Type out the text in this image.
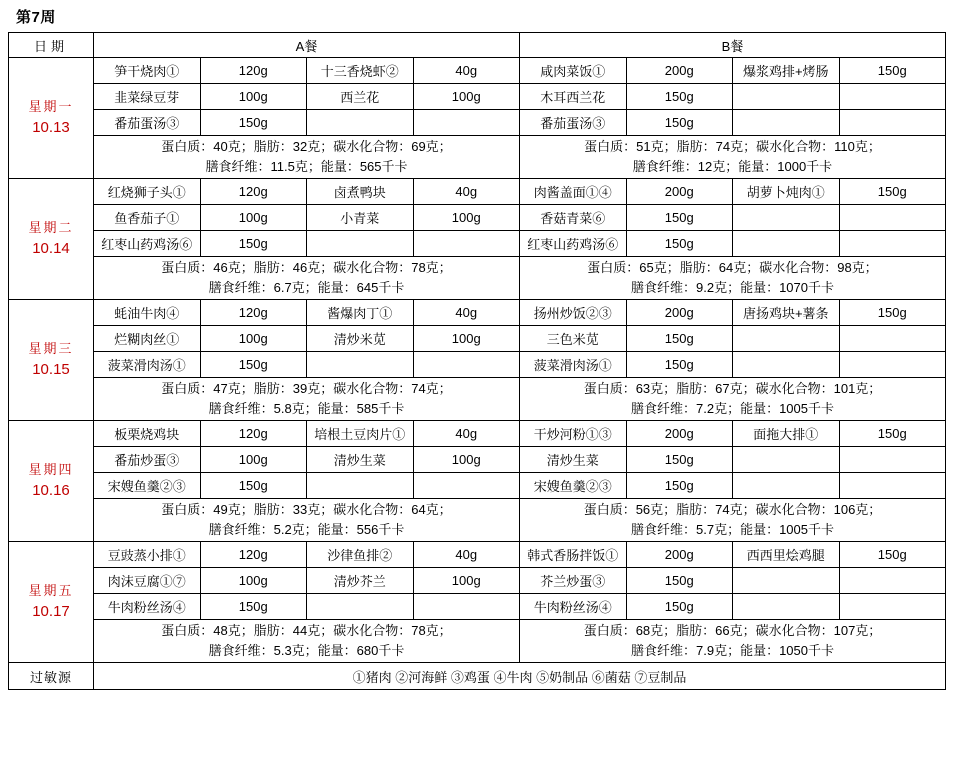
第7周
日期	A餐				B餐			

星期一
10.13	笋干烧肉①	120g	十三香烧虾②	40g	咸肉菜饭①	200g	爆浆鸡排+烤肠	150g
	韭菜绿豆芽	100g	西兰花	100g	木耳西兰花	150g		
	番茄蛋汤③	150g			番茄蛋汤③	150g		

蛋白质：40克；脂肪：32克；碳水化合物：69克；
膳食纤维：11.5克；能量：565千卡

蛋白质：51克；脂肪：74克；碳水化合物：110克；
膳食纤维：12克；能量：1000千卡

星期二
10.14	红烧狮子头①	120g	卤煮鸭块	40g	肉酱盖面①④	200g	胡萝卜炖肉①	150g
	鱼香茄子①	100g	小青菜	100g	香菇青菜⑥	150g		
	红枣山药鸡汤⑥	150g			红枣山药鸡汤⑥	150g		

蛋白质：46克；脂肪：46克；碳水化合物：78克；
膳食纤维：6.7克；能量：645千卡

蛋白质：65克；脂肪：64克；碳水化合物：98克；
膳食纤维：9.2克；能量：1070千卡

星期三
10.15	蚝油牛肉④	120g	酱爆肉丁①	40g	扬州炒饭②③	200g	唐扬鸡块+薯条	150g
	烂糊肉丝①	100g	清炒米苋	100g	三色米苋	150g		
	菠菜滑肉汤①	150g			菠菜滑肉汤①	150g		

蛋白质：47克；脂肪：39克；碳水化合物：74克；
膳食纤维：5.8克；能量：585千卡

蛋白质：63克；脂肪：67克；碳水化合物：101克；
膳食纤维：7.2克；能量：1005千卡

星期四
10.16	板栗烧鸡块	120g	培根土豆肉片①	40g	干炒河粉①③	200g	面拖大排①	150g
	番茄炒蛋③	100g	清炒生菜	100g	清炒生菜	150g		
	宋嫂鱼羹②③	150g			宋嫂鱼羹②③	150g		

蛋白质：49克；脂肪：33克；碳水化合物：64克；
膳食纤维：5.2克；能量：556千卡

蛋白质：56克；脂肪：74克；碳水化合物：106克；
膳食纤维：5.7克；能量：1005千卡

星期五
10.17	豆豉蒸小排①	120g	沙律鱼排②	40g	韩式香肠拌饭①	200g	西西里烩鸡腿	150g
	肉沫豆腐①⑦	100g	清炒芥兰	100g	芥兰炒蛋③	150g		
	牛肉粉丝汤④	150g			牛肉粉丝汤④	150g		

蛋白质：48克；脂肪：44克；碳水化合物：78克；
膳食纤维：5.3克；能量：680千卡

蛋白质：68克；脂肪：66克；碳水化合物：107克；
膳食纤维：7.9克；能量：1050千卡

过敏源	①猪肉 ②河海鲜 ③鸡蛋 ④牛肉 ⑤奶制品 ⑥菌菇 ⑦豆制品							
